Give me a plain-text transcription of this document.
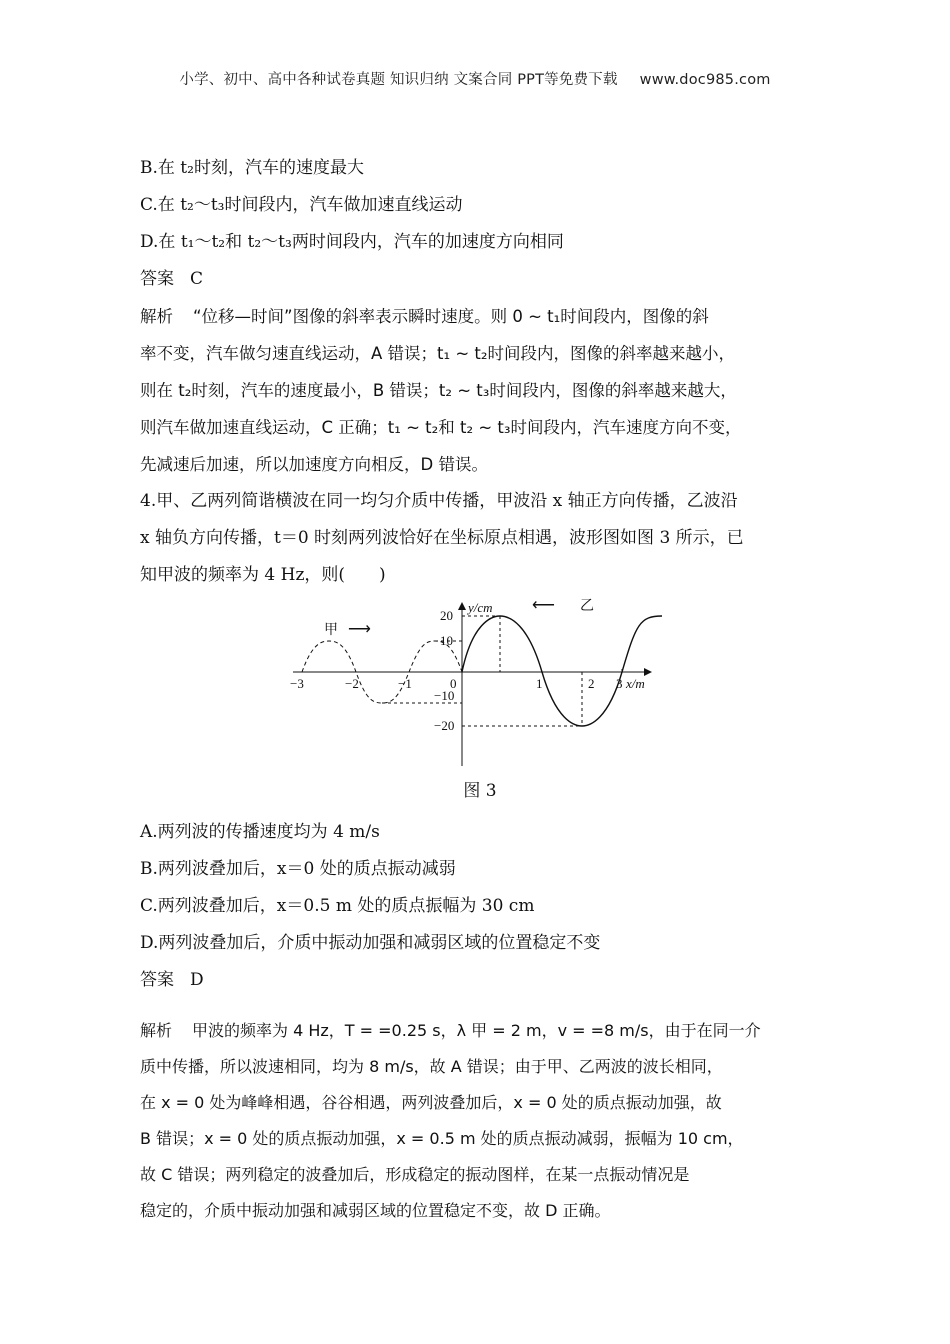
小学、初中、高中各种试卷真题 知识归纳 文案合同 PPT等免费下载 www.doc985.com
B.在 t₂时刻，汽车的速度最大
C.在 t₂～t₃时间段内，汽车做加速直线运动
D.在 t₁～t₂和 t₂～t₃两时间段内，汽车的加速度方向相同
答案 C
解析 “位移—时间”图像的斜率表示瞬时速度。则 0 ~ t₁时间段内，图像的斜
率不变，汽车做匀速直线运动，A 错误；t₁ ~ t₂时间段内，图像的斜率越来越小，
则在 t₂时刻，汽车的速度最小，B 错误；t₂ ~ t₃时间段内，图像的斜率越来越大，
则汽车做加速直线运动，C 正确；t₁ ~ t₂和 t₂ ~ t₃时间段内，汽车速度方向不变，
先减速后加速，所以加速度方向相反，D 错误。
4.甲、乙两列简谐横波在同一均匀介质中传播，甲波沿 x 轴正方向传播，乙波沿
x 轴负方向传播，t＝0 时刻两列波恰好在坐标原点相遇，波形图如图 3 所示，已
知甲波的频率为 4 Hz，则(　　)
y/cm
x/m
20
10
−10
−20
−3	−2	−1	0	1	2 3
甲 ⟶
⟵ 乙
图 3
A.两列波的传播速度均为 4 m/s
B.两列波叠加后，x＝0 处的质点振动减弱
C.两列波叠加后，x＝0.5 m 处的质点振幅为 30 cm
D.两列波叠加后，介质中振动加强和减弱区域的位置稳定不变
答案 D
解析 甲波的频率为 4 Hz，T = =0.25 s，λ 甲 = 2 m，v = =8 m/s，由于在同一介
质中传播，所以波速相同，均为 8 m/s，故 A 错误；由于甲、乙两波的波长相同，
在 x = 0 处为峰峰相遇，谷谷相遇，两列波叠加后，x = 0 处的质点振动加强，故
B 错误；x = 0 处的质点振动加强，x = 0.5 m 处的质点振动减弱，振幅为 10 cm，
故 C 错误；两列稳定的波叠加后，形成稳定的振动图样，在某一点振动情况是
稳定的，介质中振动加强和减弱区域的位置稳定不变，故 D 正确。
